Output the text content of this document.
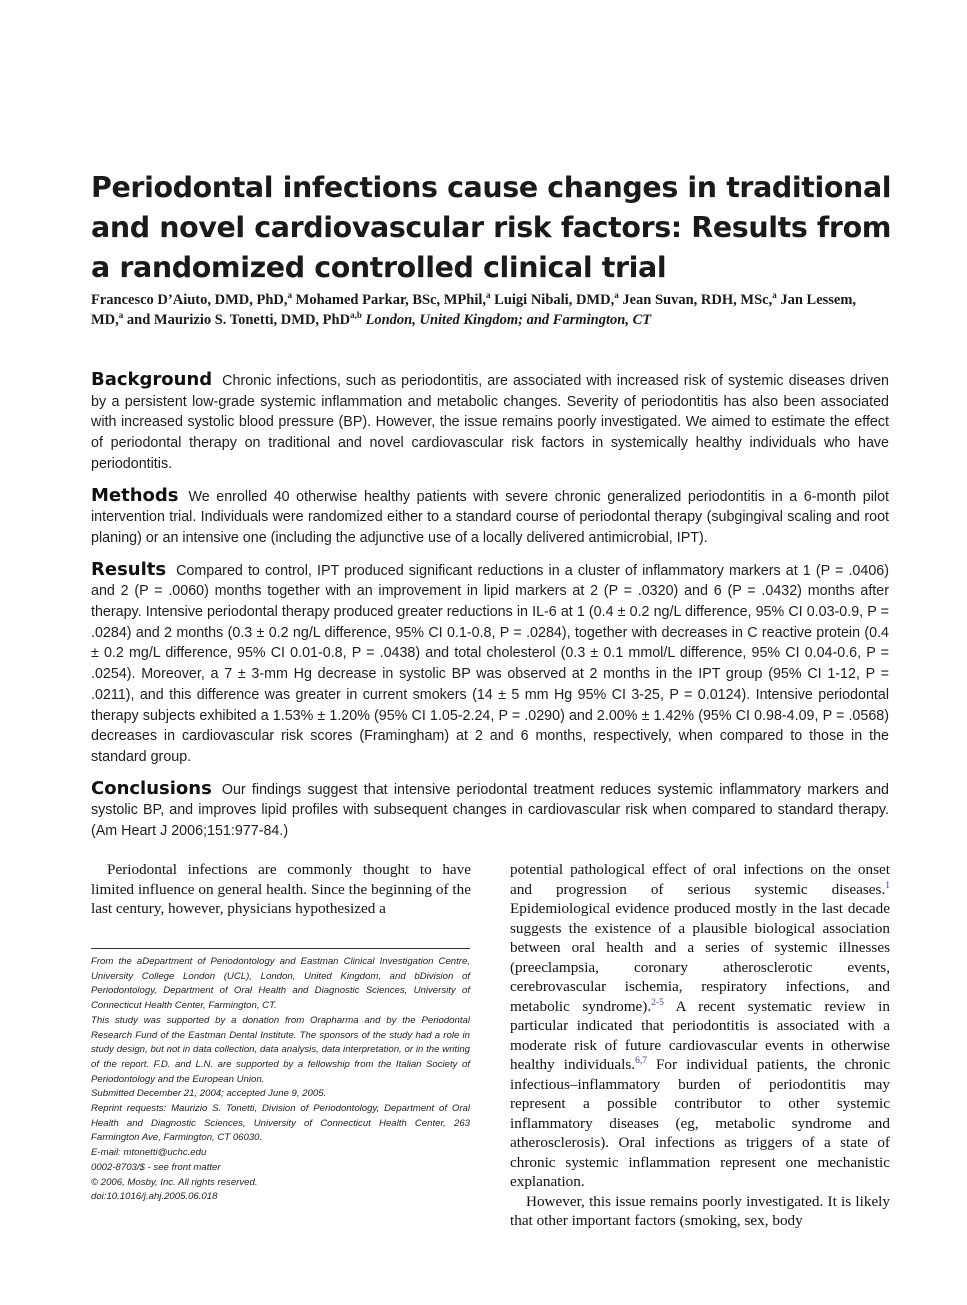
Periodontal infections cause changes in traditional and novel cardiovascular risk factors: Results from a randomized controlled clinical trial
Francesco D’Aiuto, DMD, PhD,$^a$ Mohamed Parkar, BSc, MPhil,$^a$ Luigi Nibali, DMD,$^a$ Jean Suvan, RDH, MSc,$^a$ Jan Lessem, MD,$^a$ and Maurizio S. Tonetti, DMD, PhD$^{a,b}$ London, United Kingdom; and Farmington, CT

Background Chronic infections, such as periodontitis, are associated with increased risk of systemic diseases driven by a persistent low-grade systemic inflammation and metabolic changes. Severity of periodontitis has also been associated with increased systolic blood pressure (BP). However, the issue remains poorly investigated. We aimed to estimate the effect of periodontal therapy on traditional and novel cardiovascular risk factors in systemically healthy individuals who have periodontitis.

Methods We enrolled 40 otherwise healthy patients with severe chronic generalized periodontitis in a 6-month pilot intervention trial. Individuals were randomized either to a standard course of periodontal therapy (subgingival scaling and root planing) or an intensive one (including the adjunctive use of a locally delivered antimicrobial, IPT).

Results Compared to control, IPT produced significant reductions in a cluster of inflammatory markers at 1 (P = .0406) and 2 (P = .0060) months together with an improvement in lipid markers at 2 (P = .0320) and 6 (P = .0432) months after therapy. Intensive periodontal therapy produced greater reductions in IL-6 at 1 (0.4 ± 0.2 ng/L difference, 95% CI 0.03-0.9, P = .0284) and 2 months (0.3 ± 0.2 ng/L difference, 95% CI 0.1-0.8, P = .0284), together with decreases in C reactive protein (0.4 ± 0.2 mg/L difference, 95% CI 0.01-0.8, P = .0438) and total cholesterol (0.3 ± 0.1 mmol/L difference, 95% CI 0.04-0.6, P = .0254). Moreover, a 7 ± 3-mm Hg decrease in systolic BP was observed at 2 months in the IPT group (95% CI 1-12, P = .0211), and this difference was greater in current smokers (14 ± 5 mm Hg 95% CI 3-25, P = 0.0124). Intensive periodontal therapy subjects exhibited a 1.53% ± 1.20% (95% CI 1.05-2.24, P = .0290) and 2.00% ± 1.42% (95% CI 0.98-4.09, P = .0568) decreases in cardiovascular risk scores (Framingham) at 2 and 6 months, respectively, when compared to those in the standard group.

Conclusions Our findings suggest that intensive periodontal treatment reduces systemic inflammatory markers and systolic BP, and improves lipid profiles with subsequent changes in cardiovascular risk when compared to standard therapy. (Am Heart J 2006;151:977-84.)

Periodontal infections are commonly thought to have limited influence on general health. Since the beginning of the last century, however, physicians hypothesized a

From the aDepartment of Periodontology and Eastman Clinical Investigation Centre, University College London (UCL), London, United Kingdom, and bDivision of Periodontology, Department of Oral Health and Diagnostic Sciences, University of Connecticut Health Center, Farmington, CT.

This study was supported by a donation from Orapharma and by the Periodontal Research Fund of the Eastman Dental Institute. The sponsors of the study had a role in study design, but not in data collection, data analysis, data interpretation, or in the writing of the report. F.D. and L.N. are supported by a fellowship from the Italian Society of Periodontology and the European Union.

Submitted December 21, 2004; accepted June 9, 2005.

Reprint requests: Maurizio S. Tonetti, Division of Periodontology, Department of Oral Health and Diagnostic Sciences, University of Connecticut Health Center, 263 Farmington Ave, Farmington, CT 06030.

E-mail: mtonetti@uchc.edu

0002-8703/$ - see front matter

© 2006, Mosby, Inc. All rights reserved.

doi:10.1016/j.ahj.2005.06.018

potential pathological effect of oral infections on the onset and progression of serious systemic diseases.$^1$ Epidemiological evidence produced mostly in the last decade suggests the existence of a plausible biological association between oral health and a series of systemic illnesses (preeclampsia, coronary atherosclerotic events, cerebrovascular ischemia, respiratory infections, and metabolic syndrome).$^{2-5}$ A recent systematic review in particular indicated that periodontitis is associated with a moderate risk of future cardiovascular events in otherwise healthy individuals.$^{6,7}$ For individual patients, the chronic infectious–inflammatory burden of periodontitis may represent a possible contributor to other systemic inflammatory diseases (eg, metabolic syndrome and atherosclerosis). Oral infections as triggers of a state of chronic systemic inflammation represent one mechanistic explanation.

However, this issue remains poorly investigated. It is likely that other important factors (smoking, sex, body
